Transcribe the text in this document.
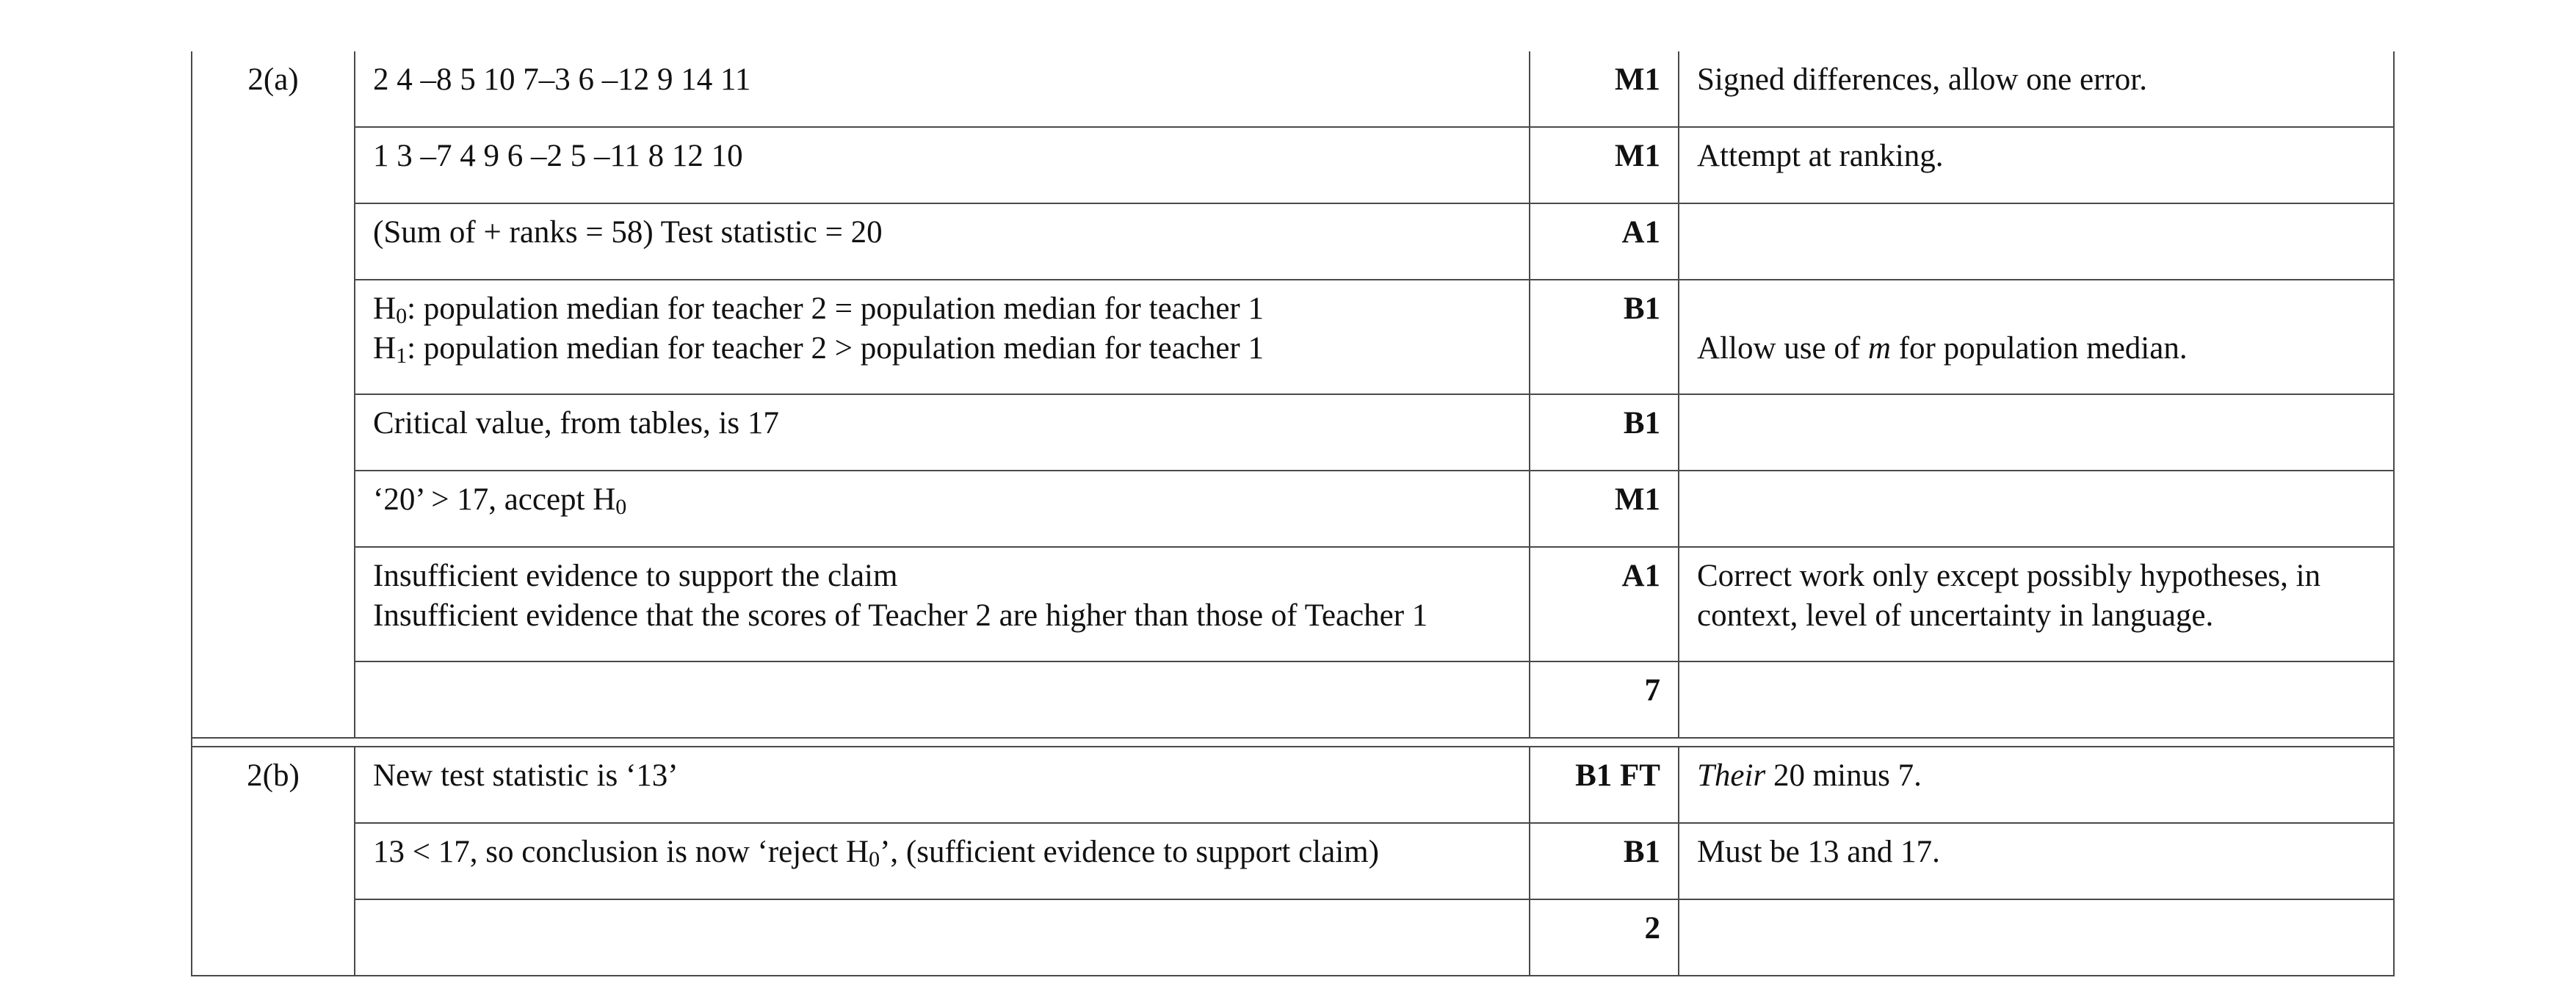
2(a)	2 4 –8 5 10 7–3 6 –12 9 14 11	M1	Signed differences, allow one error.

	1 3 –7 4 9 6 –2 5 –11 8 12 10	M1	Attempt at ranking.
	(Sum of + ranks = 58) Test statistic = 20	A1	

	$H_0$: population median for teacher 2 = population median for teacher 1
$H_1$: population median for teacher 2 > population median for teacher 1	B1	Allow use of m for population median.

	Critical value, from tables, is 17	B1	
	‘20’ > 17, accept $H_0$	M1	

	Insufficient evidence to support the claim
Insufficient evidence that the scores of Teacher 2 are higher than those of Teacher 1	A1	Correct work only except possibly hypotheses, in context, level of uncertainty in language.

		7	

2(b)	New test statistic is ‘13’	B1 FT	Their 20 minus 7.
	13 < 17, so conclusion is now ‘reject $H_0$’, (sufficient evidence to support claim)	B1	Must be 13 and 17.
		2	
